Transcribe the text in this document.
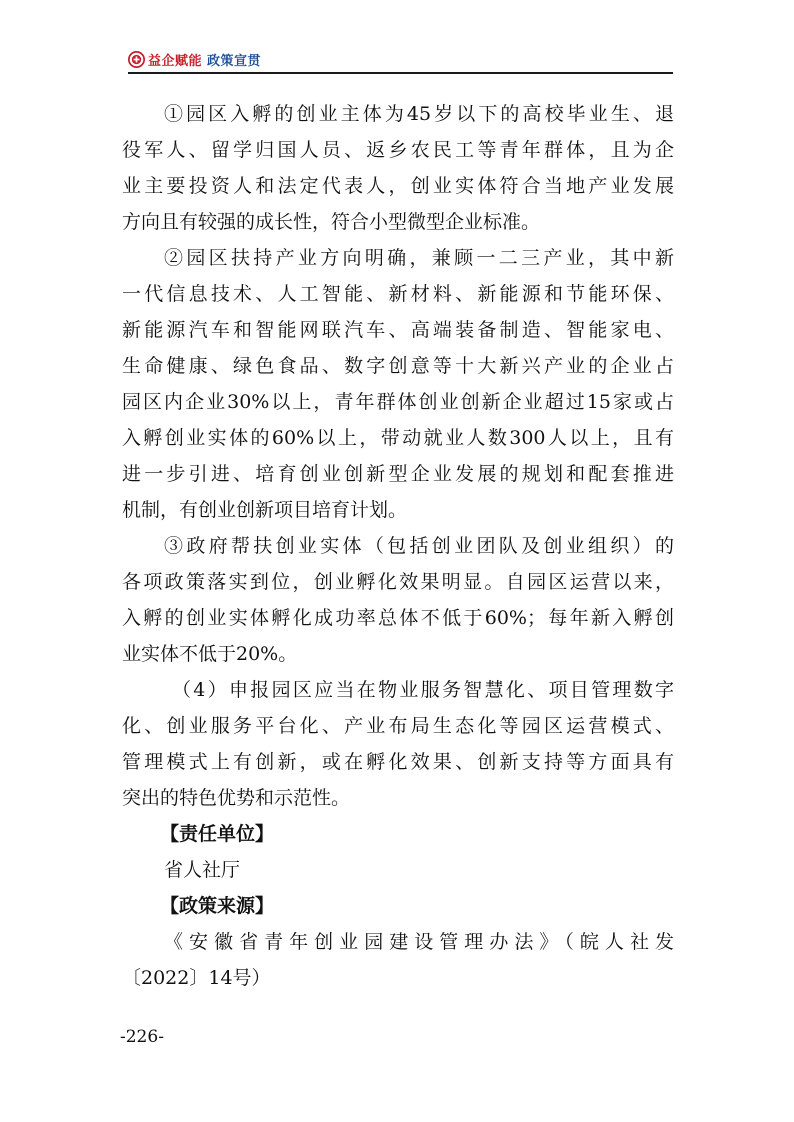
益企赋能 政策宣贯
①园区入孵的创业主体为45岁以下的高校毕业生、退
役军人、留学归国人员、返乡农民工等青年群体，且为企
业主要投资人和法定代表人，创业实体符合当地产业发展
方向且有较强的成长性，符合小型微型企业标准。
②园区扶持产业方向明确，兼顾一二三产业，其中新
一代信息技术、人工智能、新材料、新能源和节能环保、
新能源汽车和智能网联汽车、高端装备制造、智能家电、
生命健康、绿色食品、数字创意等十大新兴产业的企业占
园区内企业30%以上，青年群体创业创新企业超过15家或占
入孵创业实体的60%以上，带动就业人数300人以上，且有
进一步引进、培育创业创新型企业发展的规划和配套推进
机制，有创业创新项目培育计划。
③政府帮扶创业实体（包括创业团队及创业组织）的
各项政策落实到位，创业孵化效果明显。自园区运营以来，
入孵的创业实体孵化成功率总体不低于60%；每年新入孵创
业实体不低于20%。
（4）申报园区应当在物业服务智慧化、项目管理数字
化、创业服务平台化、产业布局生态化等园区运营模式、
管理模式上有创新，或在孵化效果、创新支持等方面具有
突出的特色优势和示范性。
【责任单位】
省人社厅
【政策来源】
《安徽省青年创业园建设管理办法》（皖人社发
〔2022〕14号）
-226-
